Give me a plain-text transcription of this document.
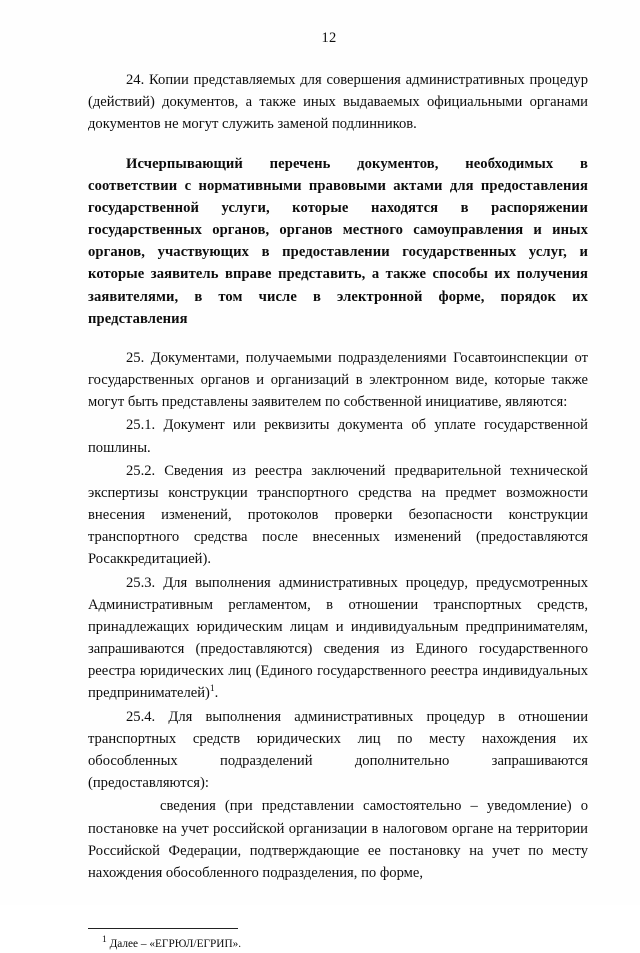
12

24. Копии представляемых для совершения административных процедур (действий) документов, а также иных выдаваемых официальными органами документов не могут служить заменой подлинников.

Исчерпывающий перечень документов, необходимых в соответствии с нормативными правовыми актами для предоставления государственной услуги, которые находятся в распоряжении государственных органов, органов местного самоуправления и иных органов, участвующих в предоставлении государственных услуг, и которые заявитель вправе представить, а также способы их получения заявителями, в том числе в электронной форме, порядок их представления

25. Документами, получаемыми подразделениями Госавтоинспекции от государственных органов и организаций в электронном виде, которые также могут быть представлены заявителем по собственной инициативе, являются:

25.1. Документ или реквизиты документа об уплате государственной пошлины.

25.2. Сведения из реестра заключений предварительной технической экспертизы конструкции транспортного средства на предмет возможности внесения изменений, протоколов проверки безопасности конструкции транспортного средства после внесенных изменений (предоставляются Росаккредитацией).

25.3. Для выполнения административных процедур, предусмотренных Административным регламентом, в отношении транспортных средств, принадлежащих юридическим лицам и индивидуальным предпринимателям, запрашиваются (предоставляются) сведения из Единого государственного реестра юридических лиц (Единого государственного реестра индивидуальных предпринимателей)$^1$.

25.4. Для выполнения административных процедур в отношении транспортных средств юридических лиц по месту нахождения их обособленных подразделений дополнительно запрашиваются (предоставляются):

сведения (при представлении самостоятельно – уведомление) о постановке на учет российской организации в налоговом органе на территории Российской Федерации, подтверждающие ее постановку на учет по месту нахождения обособленного подразделения, по форме,

$^1$ Далее – «ЕГРЮЛ/ЕГРИП».
